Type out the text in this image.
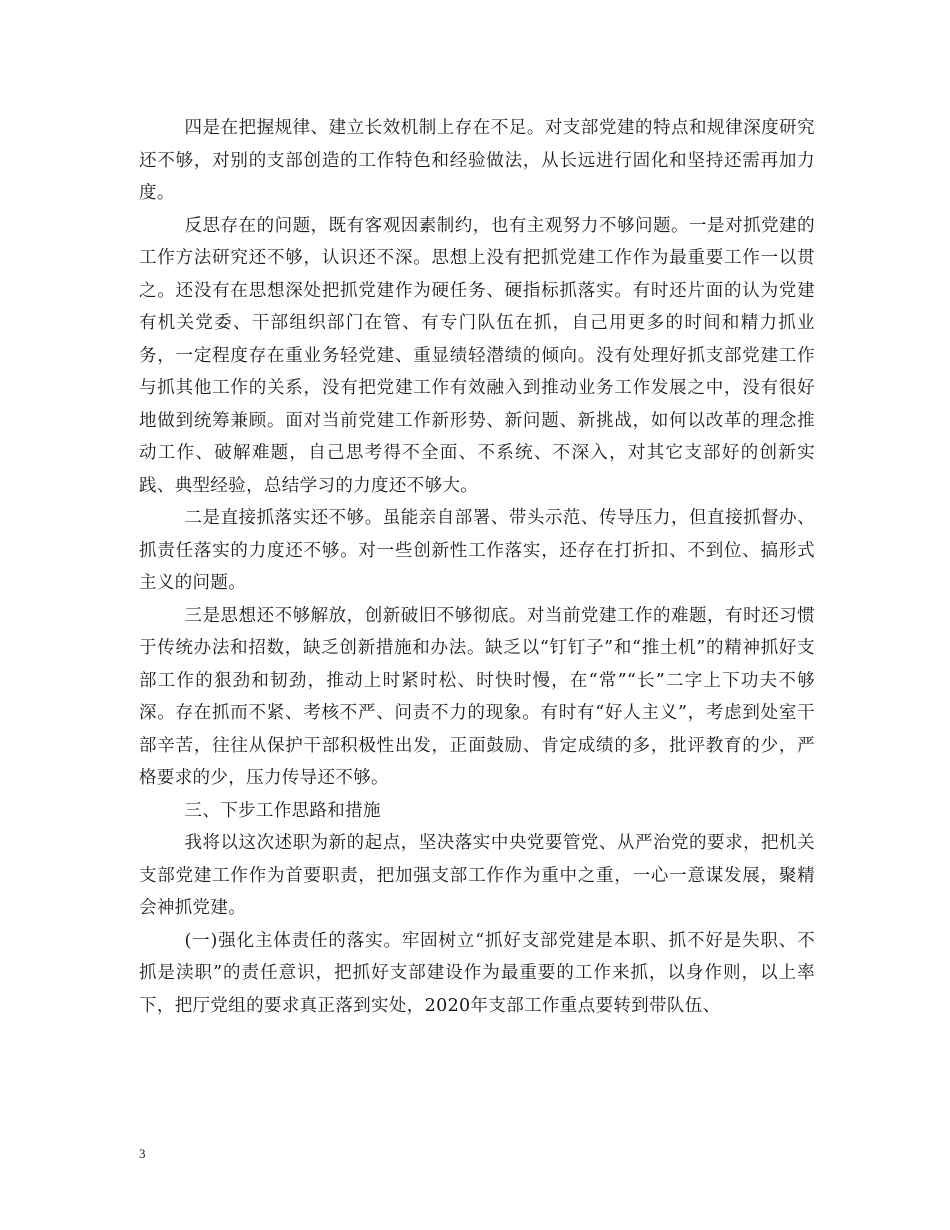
四是在把握规律、建立长效机制上存在不足。对支部党建的特点和规律深度研究还不够，对别的支部创造的工作特色和经验做法，从长远进行固化和坚持还需再加力度。

反思存在的问题，既有客观因素制约，也有主观努力不够问题。一是对抓党建的工作方法研究还不够，认识还不深。思想上没有把抓党建工作作为最重要工作一以贯之。还没有在思想深处把抓党建作为硬任务、硬指标抓落实。有时还片面的认为党建有机关党委、干部组织部门在管、有专门队伍在抓，自己用更多的时间和精力抓业务，一定程度存在重业务轻党建、重显绩轻潜绩的倾向。没有处理好抓支部党建工作与抓其他工作的关系，没有把党建工作有效融入到推动业务工作发展之中，没有很好地做到统筹兼顾。面对当前党建工作新形势、新问题、新挑战，如何以改革的理念推动工作、破解难题，自己思考得不全面、不系统、不深入，对其它支部好的创新实践、典型经验，总结学习的力度还不够大。

二是直接抓落实还不够。虽能亲自部署、带头示范、传导压力，但直接抓督办、抓责任落实的力度还不够。对一些创新性工作落实，还存在打折扣、不到位、搞形式主义的问题。

三是思想还不够解放，创新破旧不够彻底。对当前党建工作的难题，有时还习惯于传统办法和招数，缺乏创新措施和办法。缺乏以“钉钉子”和“推土机”的精神抓好支部工作的狠劲和韧劲，推动上时紧时松、时快时慢，在“常”“长”二字上下功夫不够深。存在抓而不紧、考核不严、问责不力的现象。有时有“好人主义”，考虑到处室干部辛苦，往往从保护干部积极性出发，正面鼓励、肯定成绩的多，批评教育的少，严格要求的少，压力传导还不够。

三、下步工作思路和措施

我将以这次述职为新的起点，坚决落实中央党要管党、从严治党的要求，把机关支部党建工作作为首要职责，把加强支部工作作为重中之重，一心一意谋发展，聚精会神抓党建。

(一)强化主体责任的落实。牢固树立“抓好支部党建是本职、抓不好是失职、不抓是渎职”的责任意识，把抓好支部建设作为最重要的工作来抓，以身作则，以上率下，把厅党组的要求真正落到实处，2020年支部工作重点要转到带队伍、

3
